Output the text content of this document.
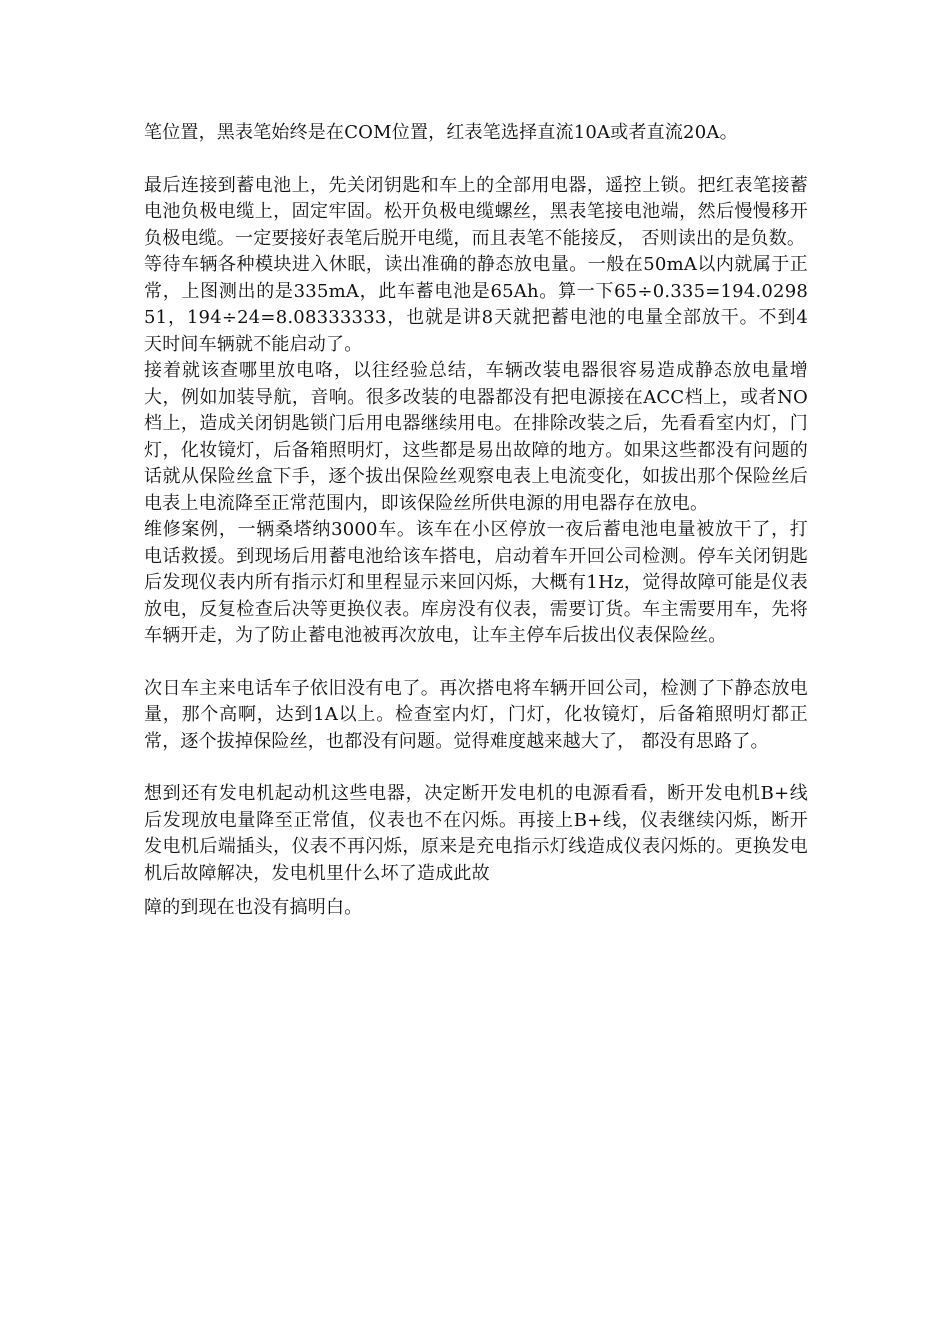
笔位置，黑表笔始终是在COM位置，红表笔选择直流10A或者直流20A。

最后连接到蓄电池上，先关闭钥匙和车上的全部用电器，遥控上锁。把红表笔接蓄电池负极电缆上，固定牢固。松开负极电缆螺丝，黑表笔接电池端，然后慢慢移开负极电缆。一定要接好表笔后脱开电缆，而且表笔不能接反， 否则读出的是负数。

等待车辆各种模块进入休眠，读出准确的静态放电量。一般在50mA以内就属于正常，上图测出的是335mA，此车蓄电池是65Ah。算一下65÷0.335=194.029851，194÷24=8.08333333，也就是讲8天就把蓄电池的电量全部放干。不到4天时间车辆就不能启动了。

接着就该查哪里放电咯，以往经验总结，车辆改装电器很容易造成静态放电量增大，例如加装导航，音响。很多改装的电器都没有把电源接在ACC档上，或者NO档上，造成关闭钥匙锁门后用电器继续用电。在排除改装之后，先看看室内灯，门灯，化妆镜灯，后备箱照明灯，这些都是易出故障的地方。如果这些都没有问题的话就从保险丝盒下手，逐个拔出保险丝观察电表上电流变化，如拔出那个保险丝后电表上电流降至正常范围内，即该保险丝所供电源的用电器存在放电。

维修案例，一辆桑塔纳3000车。该车在小区停放一夜后蓄电池电量被放干了，打电话救援。到现场后用蓄电池给该车搭电，启动着车开回公司检测。停车关闭钥匙后发现仪表内所有指示灯和里程显示来回闪烁，大概有1Hz，觉得故障可能是仪表放电，反复检查后决等更换仪表。库房没有仪表，需要订货。车主需要用车，先将车辆开走，为了防止蓄电池被再次放电，让车主停车后拔出仪表保险丝。

次日车主来电话车子依旧没有电了。再次搭电将车辆开回公司，检测了下静态放电量，那个高啊，达到1A以上。检查室内灯，门灯，化妆镜灯，后备箱照明灯都正常，逐个拔掉保险丝，也都没有问题。觉得难度越来越大了， 都没有思路了。

想到还有发电机起动机这些电器，决定断开发电机的电源看看，断开发电机B+线后发现放电量降至正常值，仪表也不在闪烁。再接上B+线，仪表继续闪烁，断开发电机后端插头，仪表不再闪烁，原来是充电指示灯线造成仪表闪烁的。更换发电机后故障解决，发电机里什么坏了造成此故

障的到现在也没有搞明白。
